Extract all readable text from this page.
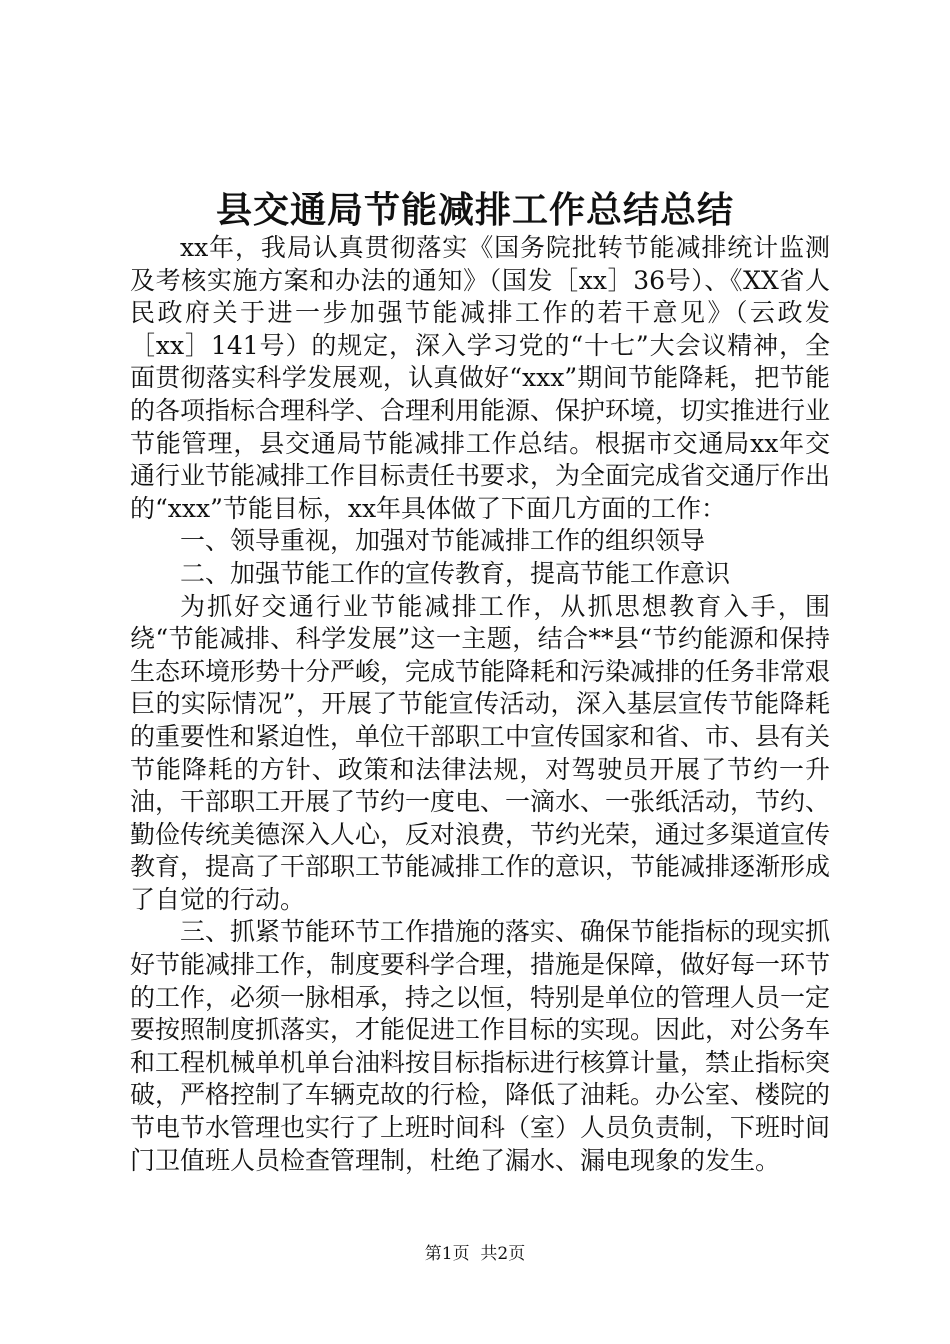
县交通局节能减排工作总结总结

xx年，我局认真贯彻落实《国务院批转节能减排统计监测及考核实施方案和办法的通知》（国发［xx］36号）、《XX省人民政府关于进一步加强节能减排工作的若干意见》（云政发［xx］141号）的规定，深入学习党的“十七”大会议精神，全面贯彻落实科学发展观，认真做好“xxx”期间节能降耗，把节能的各项指标合理科学、合理利用能源、保护环境，切实推进行业节能管理，县交通局节能减排工作总结。根据市交通局xx年交通行业节能减排工作目标责任书要求，为全面完成省交通厅作出的“xxx”节能目标，xx年具体做了下面几方面的工作：

一、领导重视，加强对节能减排工作的组织领导

二、加强节能工作的宣传教育，提高节能工作意识

为抓好交通行业节能减排工作，从抓思想教育入手，围绕“节能减排、科学发展”这一主题，结合**县“节约能源和保持生态环境形势十分严峻，完成节能降耗和污染减排的任务非常艰巨的实际情况”，开展了节能宣传活动，深入基层宣传节能降耗的重要性和紧迫性，单位干部职工中宣传国家和省、市、县有关节能降耗的方针、政策和法律法规，对驾驶员开展了节约一升油，干部职工开展了节约一度电、一滴水、一张纸活动，节约、勤俭传统美德深入人心，反对浪费，节约光荣，通过多渠道宣传教育，提高了干部职工节能减排工作的意识，节能减排逐渐形成了自觉的行动。

三、抓紧节能环节工作措施的落实、确保节能指标的现实抓好节能减排工作，制度要科学合理，措施是保障，做好每一环节的工作，必须一脉相承，持之以恒，特别是单位的管理人员一定要按照制度抓落实，才能促进工作目标的实现。因此，对公务车和工程机械单机单台油料按目标指标进行核算计量，禁止指标突破，严格控制了车辆克故的行检，降低了油耗。办公室、楼院的节电节水管理也实行了上班时间科（室）人员负责制，下班时间门卫值班人员检查管理制，杜绝了漏水、漏电现象的发生。

第1页 共2页
